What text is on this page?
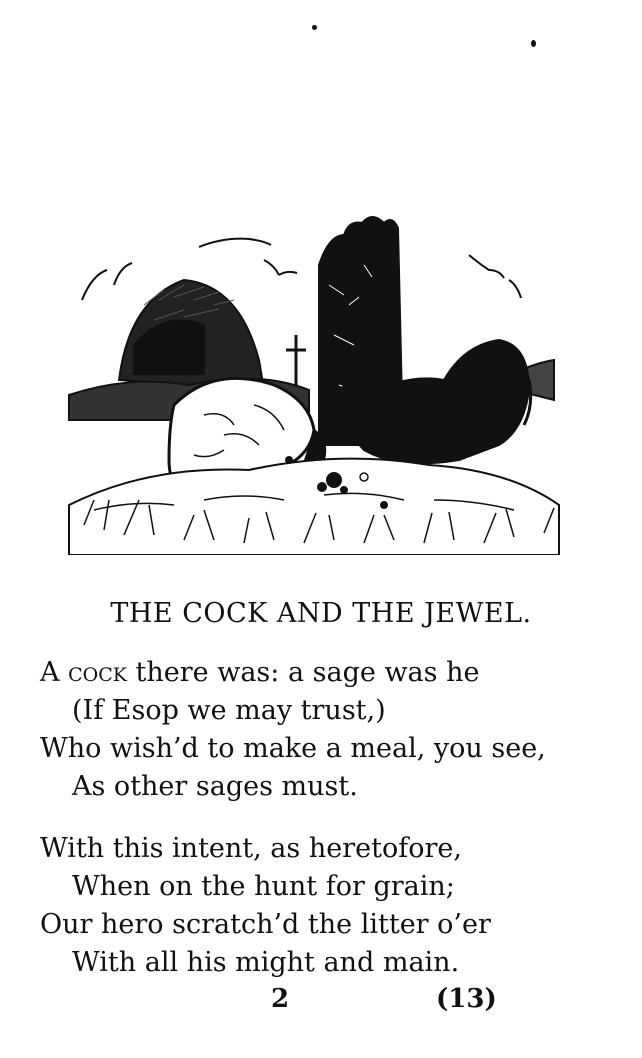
THE COCK AND THE JEWEL.
A cock there was: a sage was he
(If Esop we may trust,)
Who wish’d to make a meal, you see,
As other sages must.
With this intent, as heretofore,
When on the hunt for grain;
Our hero scratch’d the litter o’er
With all his might and main.
2	(13)
